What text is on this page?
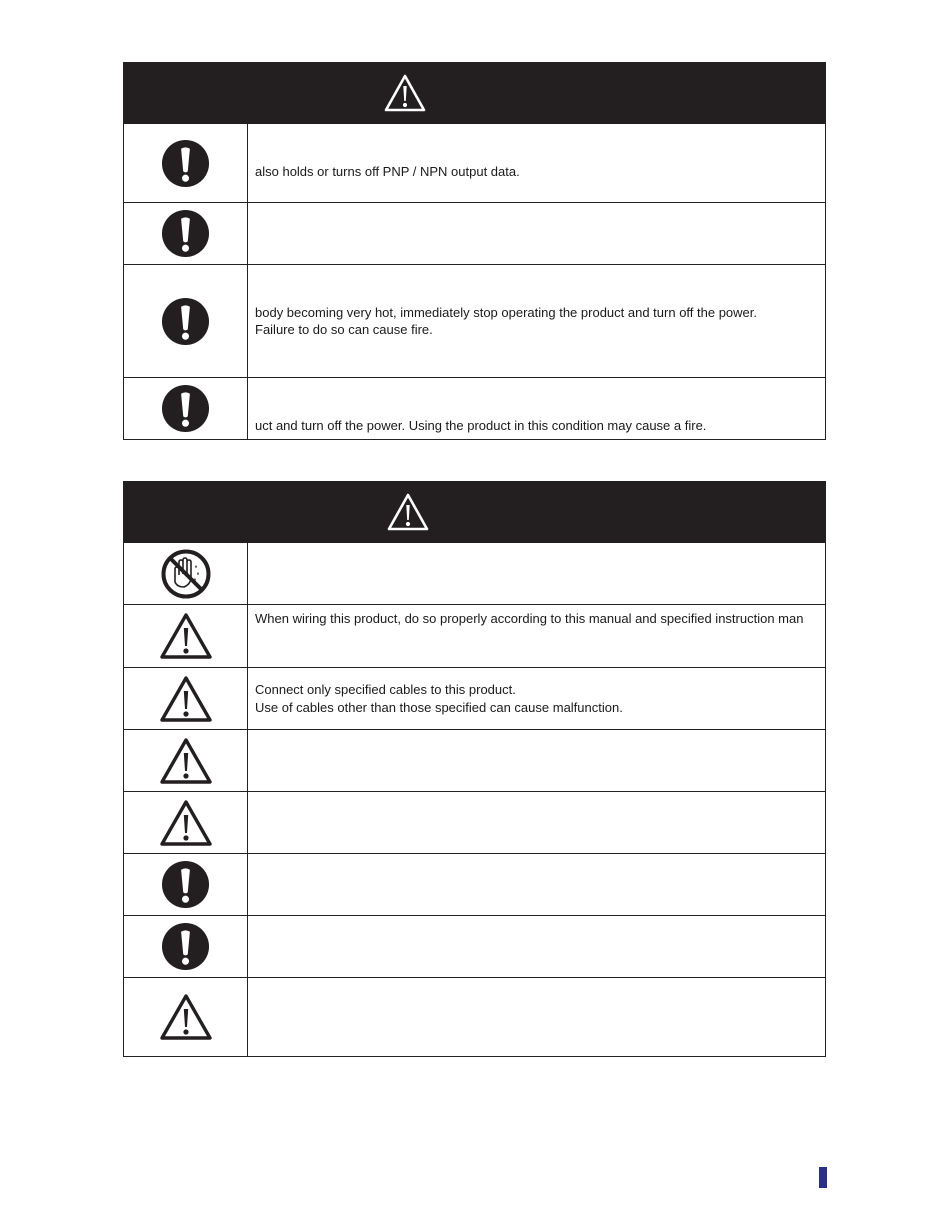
also holds or turns off PNP / NPN output data.
body becoming very hot, immediately stop operating the product and turn off the power.
Failure to do so can cause fire.
uct and turn off the power. Using the product in this condition may cause a fire.
When wiring this product, do so properly according to this manual and specified instruction man
Connect only specified cables to this product.
Use of cables other than those specified can cause malfunction.
